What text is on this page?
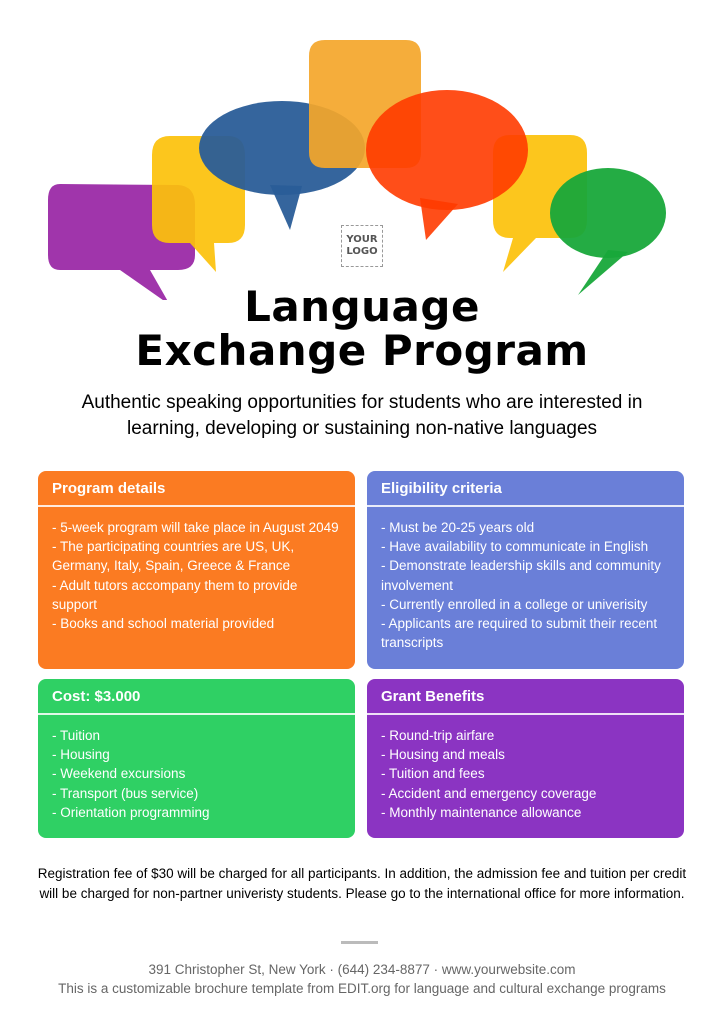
YOUR
LOGO
Language
Exchange Program
Authentic speaking opportunities for students who are interested in learning, developing or sustaining non-native languages
Program details
- 5-week program will take place in August 2049
- The participating countries are US, UK, Germany, Italy, Spain, Greece & France
- Adult tutors accompany them to provide support
- Books and school material provided
Eligibility criteria
- Must be 20-25 years old
- Have availability to communicate in English
- Demonstrate leadership skills and community involvement
- Currently enrolled in a college or univerisity
- Applicants are required to submit their recent transcripts
Cost: $3.000
- Tuition
- Housing
- Weekend excursions
- Transport (bus service)
- Orientation programming
Grant Benefits
- Round-trip airfare
- Housing and meals
- Tuition and fees
- Accident and emergency coverage
- Monthly maintenance allowance
Registration fee of $30 will be charged for all participants. In addition, the admission fee and tuition per credit will be charged for non-partner univeristy students. Please go to the international office for more information.
391 Christopher St, New York · (644) 234-8877 · www.yourwebsite.com
This is a customizable brochure template from EDIT.org for language and cultural exchange programs
